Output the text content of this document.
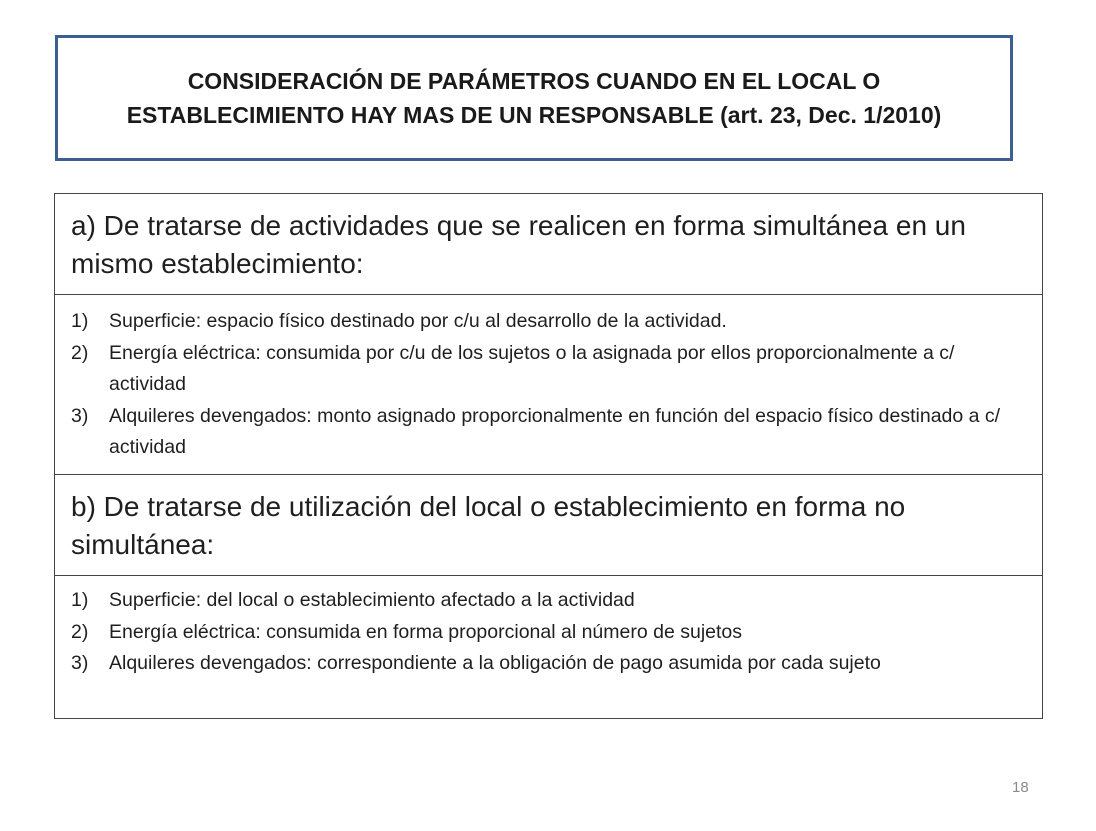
CONSIDERACIÓN DE PARÁMETROS CUANDO EN EL LOCAL O ESTABLECIMIENTO HAY MAS DE UN RESPONSABLE (art. 23, Dec. 1/2010)
a) De tratarse de actividades que se realicen en forma simultánea en un mismo establecimiento:
1) Superficie: espacio físico destinado por c/u al desarrollo de la actividad.
2) Energía eléctrica: consumida por c/u de los sujetos o la asignada por ellos proporcionalmente a c/ actividad
3) Alquileres devengados: monto asignado proporcionalmente en función del espacio físico destinado a c/ actividad
b) De tratarse de utilización del local o establecimiento en forma no simultánea:
1) Superficie: del local o establecimiento afectado a la actividad
2) Energía eléctrica: consumida en forma proporcional al número de sujetos
3) Alquileres devengados: correspondiente a la obligación de pago asumida por cada sujeto
18
